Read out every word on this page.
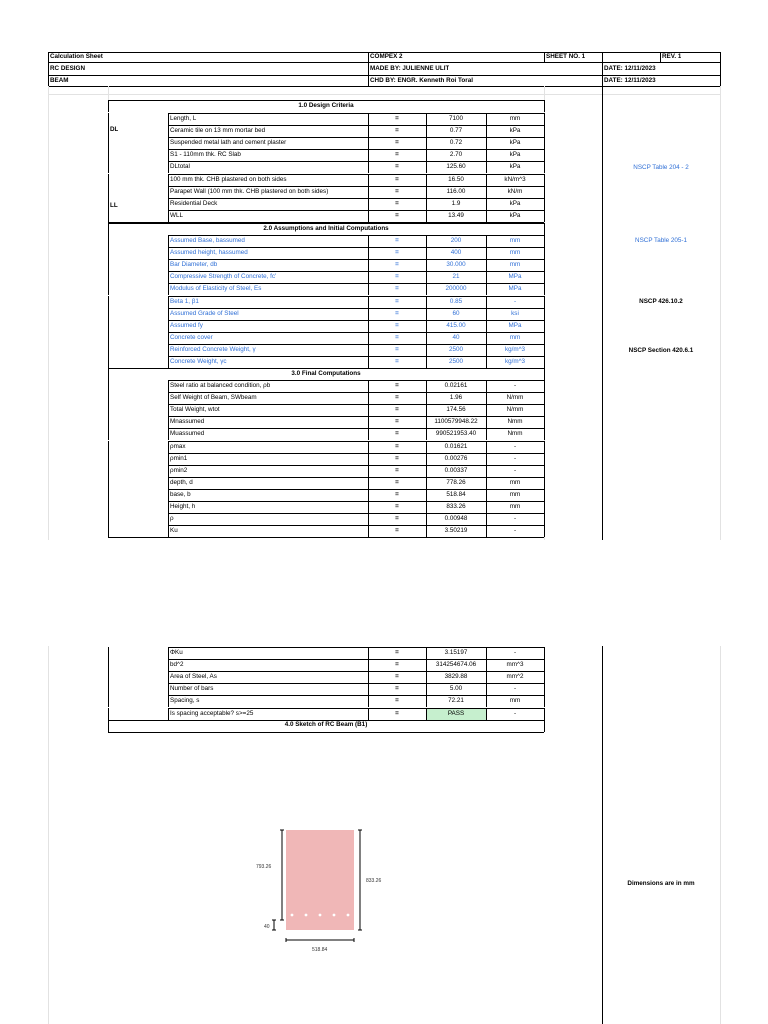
Calculation Sheet	COMPEX 2	SHEET NO. 1	REV. 1
RC DESIGN	MADE BY: JULIENNE ULIT	DATE: 12/11/2023
BEAM	CHD BY: ENGR. Kenneth Roi Toral	DATE: 12/11/2023
1.0 Design Criteria
DL
LL
Length, L	=	7100	mm
Ceramic tile on 13 mm mortar bed	=	0.77	kPa
Suspended metal lath and cement plaster	=	0.72	kPa
S1 - 110mm thk. RC Slab	=	2.70	kPa
DLtotal	=	125.60	kPa
100 mm thk. CHB plastered on both sides	=	16.50	kN/m^3
Parapet Wall (100 mm thk. CHB plastered on both sides)	=	116.00	kN/m
Residential Deck	=	1.9	kPa
WLL	=	13.49	kPa
2.0 Assumptions and Initial Computations
Assumed Base, bassumed	=	200	mm
Assumed height, hassumed	=	400	mm
Bar Diameter, db	=	30.000	mm
Compressive Strength of Concrete, fc'	=	21	MPa
Modulus of Elasticity of Steel, Es	=	200000	MPa
Beta 1, β1	=	0.85	-
Assumed Grade of Steel	=	60	ksi
Assumed fy	=	415.00	MPa
Concrete cover	=	40	mm
Reinforced Concrete Weight, γ	=	2500	kg/m^3
Concrete Weight, γc	=	2500	kg/m^3
3.0 Final Computations
Steel ratio at balanced condition, ρb	=	0.02161	-
Self Weight of Beam, SWbeam	=	1.96	N/mm
Total Weight, wtot	=	174.56	N/mm
Mnassumed	=	1100579948.22	Nmm
Muassumed	=	990521953.40	Nmm
ρmax	=	0.01621	-
ρmin1	=	0.00276	-
ρmin2	=	0.00337	-
depth, d	=	778.26	mm
base, b	=	518.84	mm
Height, h	=	833.26	mm
ρ	=	0.00948	-
Ku	=	3.50219	-
NSCP Table 204 - 2
NSCP Table 205-1
NSCP 426.10.2
NSCP Section 420.6.1
ΦKu	=	3.15197	-
bd^2	=	314254674.06	mm^3
Area of Steel, As	=	3829.88	mm^2
Number of bars	=	5.00	-
Spacing, s	=	72.21	mm
Is spacing acceptable? s>=25	=	PASS	-
4.0 Sketch of RC Beam (B1)
Dimensions are in mm
793.26
833.26
40
518.84
